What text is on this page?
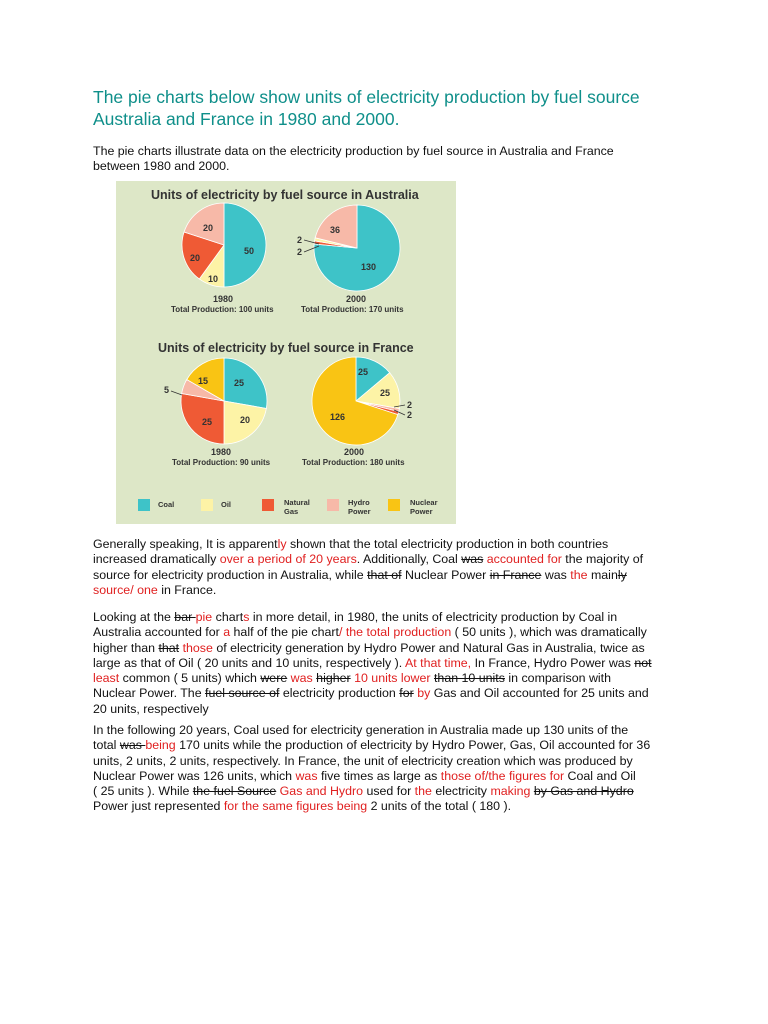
The pie charts below show units of electricity production by fuel source
Australia and France in 1980 and 2000.

The pie charts illustrate data on the electricity production by fuel source in Australia and France
between 1980 and 2000.

Units of electricity by fuel source in Australia
20
50
20
10
1980
Total Production: 100 units
36
130
2
2
2000
Total Production: 170 units
Units of electricity by fuel source in France
15	25
5
25	20
1980
Total Production: 90 units
25
25
126
2
2
2000
Total Production: 180 units
Coal	Oil	Natural
Gas
Hydro
Power
Nuclear
Power

Generally speaking, It is apparently shown that the total electricity production in both countries
increased dramatically over a period of 20 years. Additionally, Coal was accounted for the majority of
source for electricity production in Australia, while that of Nuclear Power in France was the mainly
source/ one in France.

Looking at the bar pie charts in more detail, in 1980, the units of electricity production by Coal in
Australia accounted for a half of the pie chart/ the total production ( 50 units ), which was dramatically
higher than that those of electricity generation by Hydro Power and Natural Gas in Australia, twice as
large as that of Oil ( 20 units and 10 units, respectively ). At that time, In France, Hydro Power was not
least common ( 5 units) which were was higher 10 units lower than 10 units in comparison with
Nuclear Power. The fuel source of electricity production for by Gas and Oil accounted for 25 units and
20 units, respectively

In the following 20 years, Coal used for electricity generation in Australia made up 130 units of the
total was being 170 units while the production of electricity by Hydro Power, Gas, Oil accounted for 36
units, 2 units, 2 units, respectively. In France, the unit of electricity creation which was produced by
Nuclear Power was 126 units, which was five times as large as those of/the figures for Coal and Oil
( 25 units ). While the fuel Source Gas and Hydro used for the electricity making by Gas and Hydro
Power just represented for the same figures being 2 units of the total ( 180 ).
